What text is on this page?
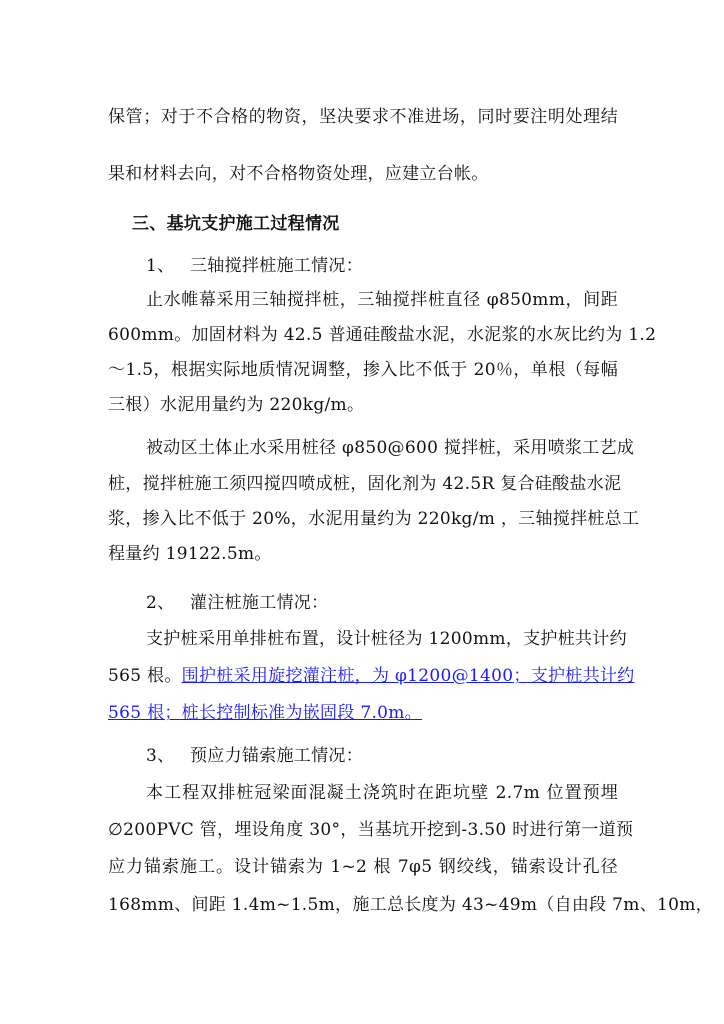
保管；对于不合格的物资，坚决要求不准进场，同时要注明处理结
果和材料去向，对不合格物资处理，应建立台帐。
三、基坑支护施工过程情况
1、 三轴搅拌桩施工情况：
止水帷幕采用三轴搅拌桩，三轴搅拌桩直径 φ850mm，间距
600mm。加固材料为 42.5 普通硅酸盐水泥，水泥浆的水灰比约为 1.2
～1.5，根据实际地质情况调整，掺入比不低于 20％，单根（每幅
三根）水泥用量约为 220kg/m。
被动区土体止水采用桩径 φ850@600 搅拌桩，采用喷浆工艺成
桩，搅拌桩施工须四搅四喷成桩，固化剂为 42.5R 复合硅酸盐水泥
浆，掺入比不低于 20%，水泥用量约为 220kg/m ，三轴搅拌桩总工
程量约 19122.5m。
2、 灌注桩施工情况：
支护桩采用单排桩布置，设计桩径为 1200mm，支护桩共计约
565 根。 围护桩采用旋挖灌注桩，为 φ1200@1400；支护桩共计约
565 根；桩长控制标准为嵌固段 7.0m。
3、 预应力锚索施工情况：
本工程双排桩冠梁面混凝土浇筑时在距坑壁 2.7m 位置预埋
∅200PVC 管，埋设角度 30°，当基坑开挖到-3.50 时进行第一道预
应力锚索施工。设计锚索为 1~2 根 7φ5 钢绞线，锚索设计孔径
168mm、间距 1.4m~1.5m，施工总长度为 43~49m（自由段 7m、10m，
